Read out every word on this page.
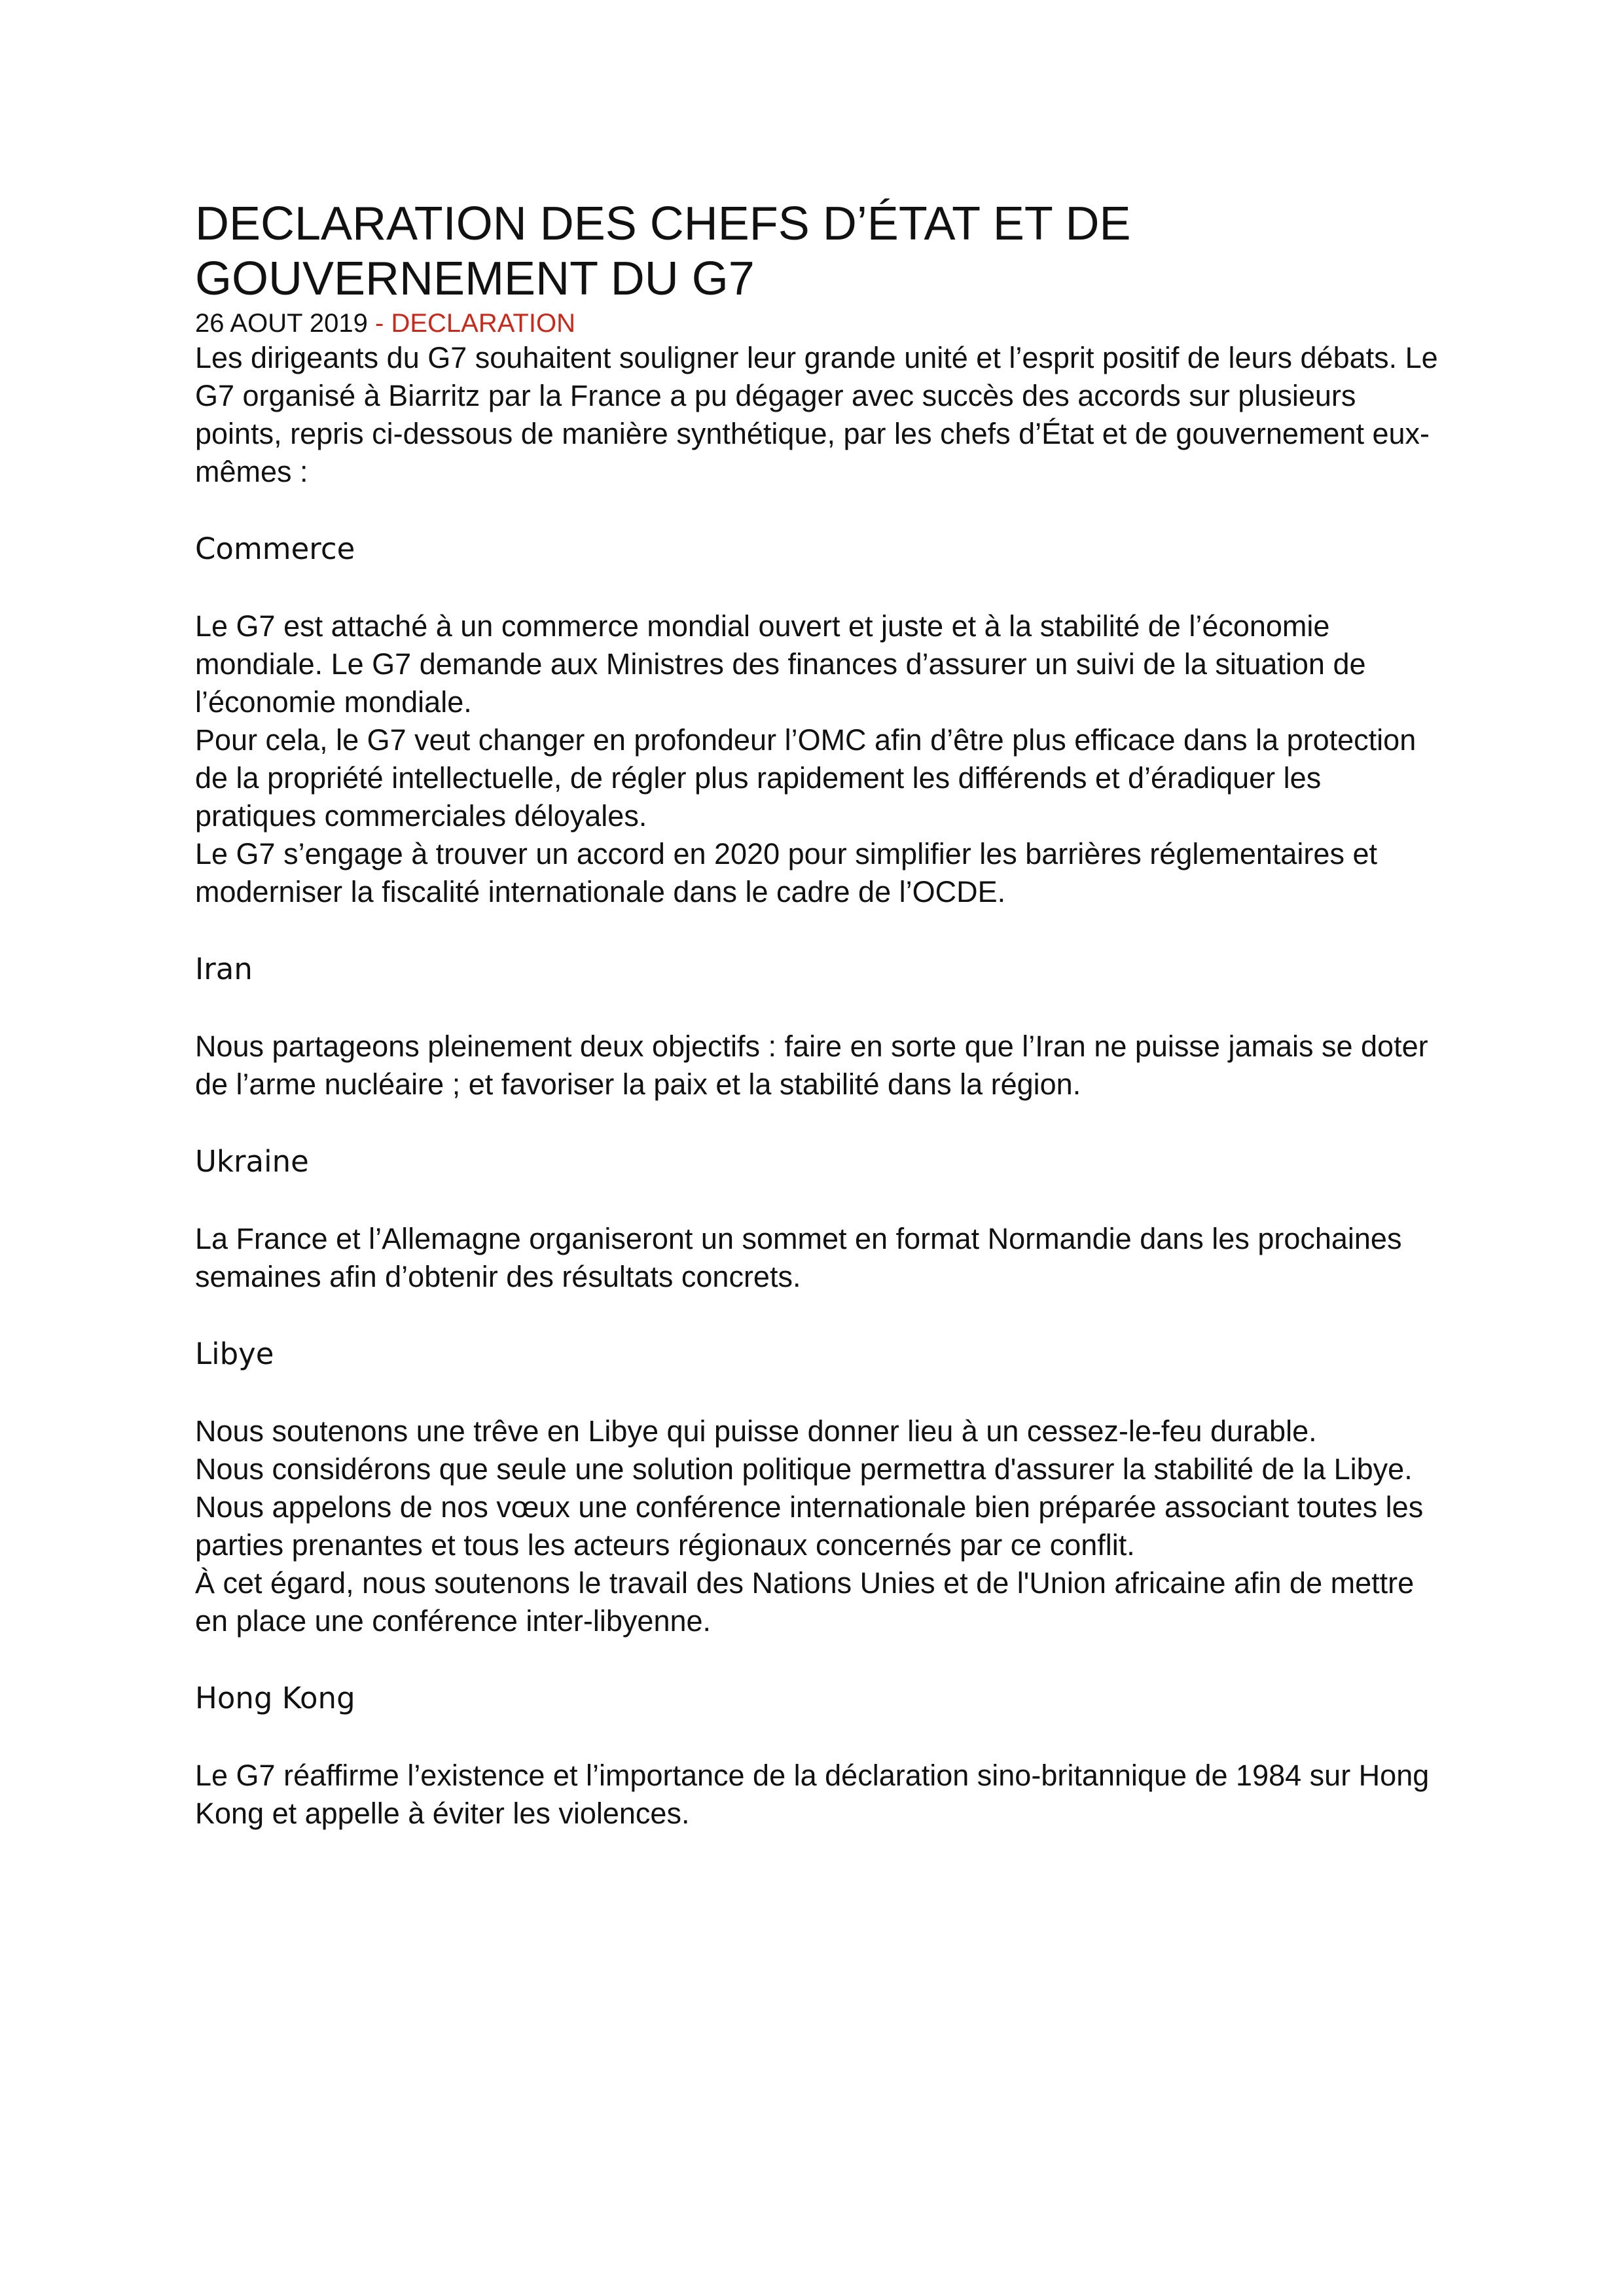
DECLARATION DES CHEFS D’ÉTAT ET DE
GOUVERNEMENT DU G7

26 AOUT 2019 - DECLARATION

Les dirigeants du G7 souhaitent souligner leur grande unité et l’esprit positif de leurs débats. Le G7 organisé à Biarritz par la France a pu dégager avec succès des accords sur plusieurs points, repris ci-dessous de manière synthétique, par les chefs d’État et de gouvernement eux-mêmes :

Commerce

Le G7 est attaché à un commerce mondial ouvert et juste et à la stabilité de l’économie mondiale. Le G7 demande aux Ministres des finances d’assurer un suivi de la situation de l’économie mondiale.

Pour cela, le G7 veut changer en profondeur l’OMC afin d’être plus efficace dans la protection de la propriété intellectuelle, de régler plus rapidement les différends et d’éradiquer les pratiques commerciales déloyales.

Le G7 s’engage à trouver un accord en 2020 pour simplifier les barrières réglementaires et moderniser la fiscalité internationale dans le cadre de l’OCDE.

Iran

Nous partageons pleinement deux objectifs : faire en sorte que l’Iran ne puisse jamais se doter de l’arme nucléaire ; et favoriser la paix et la stabilité dans la région.

Ukraine

La France et l’Allemagne organiseront un sommet en format Normandie dans les prochaines semaines afin d’obtenir des résultats concrets.

Libye

Nous soutenons une trêve en Libye qui puisse donner lieu à un cessez-le-feu durable.

Nous considérons que seule une solution politique permettra d'assurer la stabilité de la Libye.

Nous appelons de nos vœux une conférence internationale bien préparée associant toutes les parties prenantes et tous les acteurs régionaux concernés par ce conflit.

À cet égard, nous soutenons le travail des Nations Unies et de l'Union africaine afin de mettre en place une conférence inter-libyenne.

Hong Kong

Le G7 réaffirme l’existence et l’importance de la déclaration sino-britannique de 1984 sur Hong Kong et appelle à éviter les violences.
